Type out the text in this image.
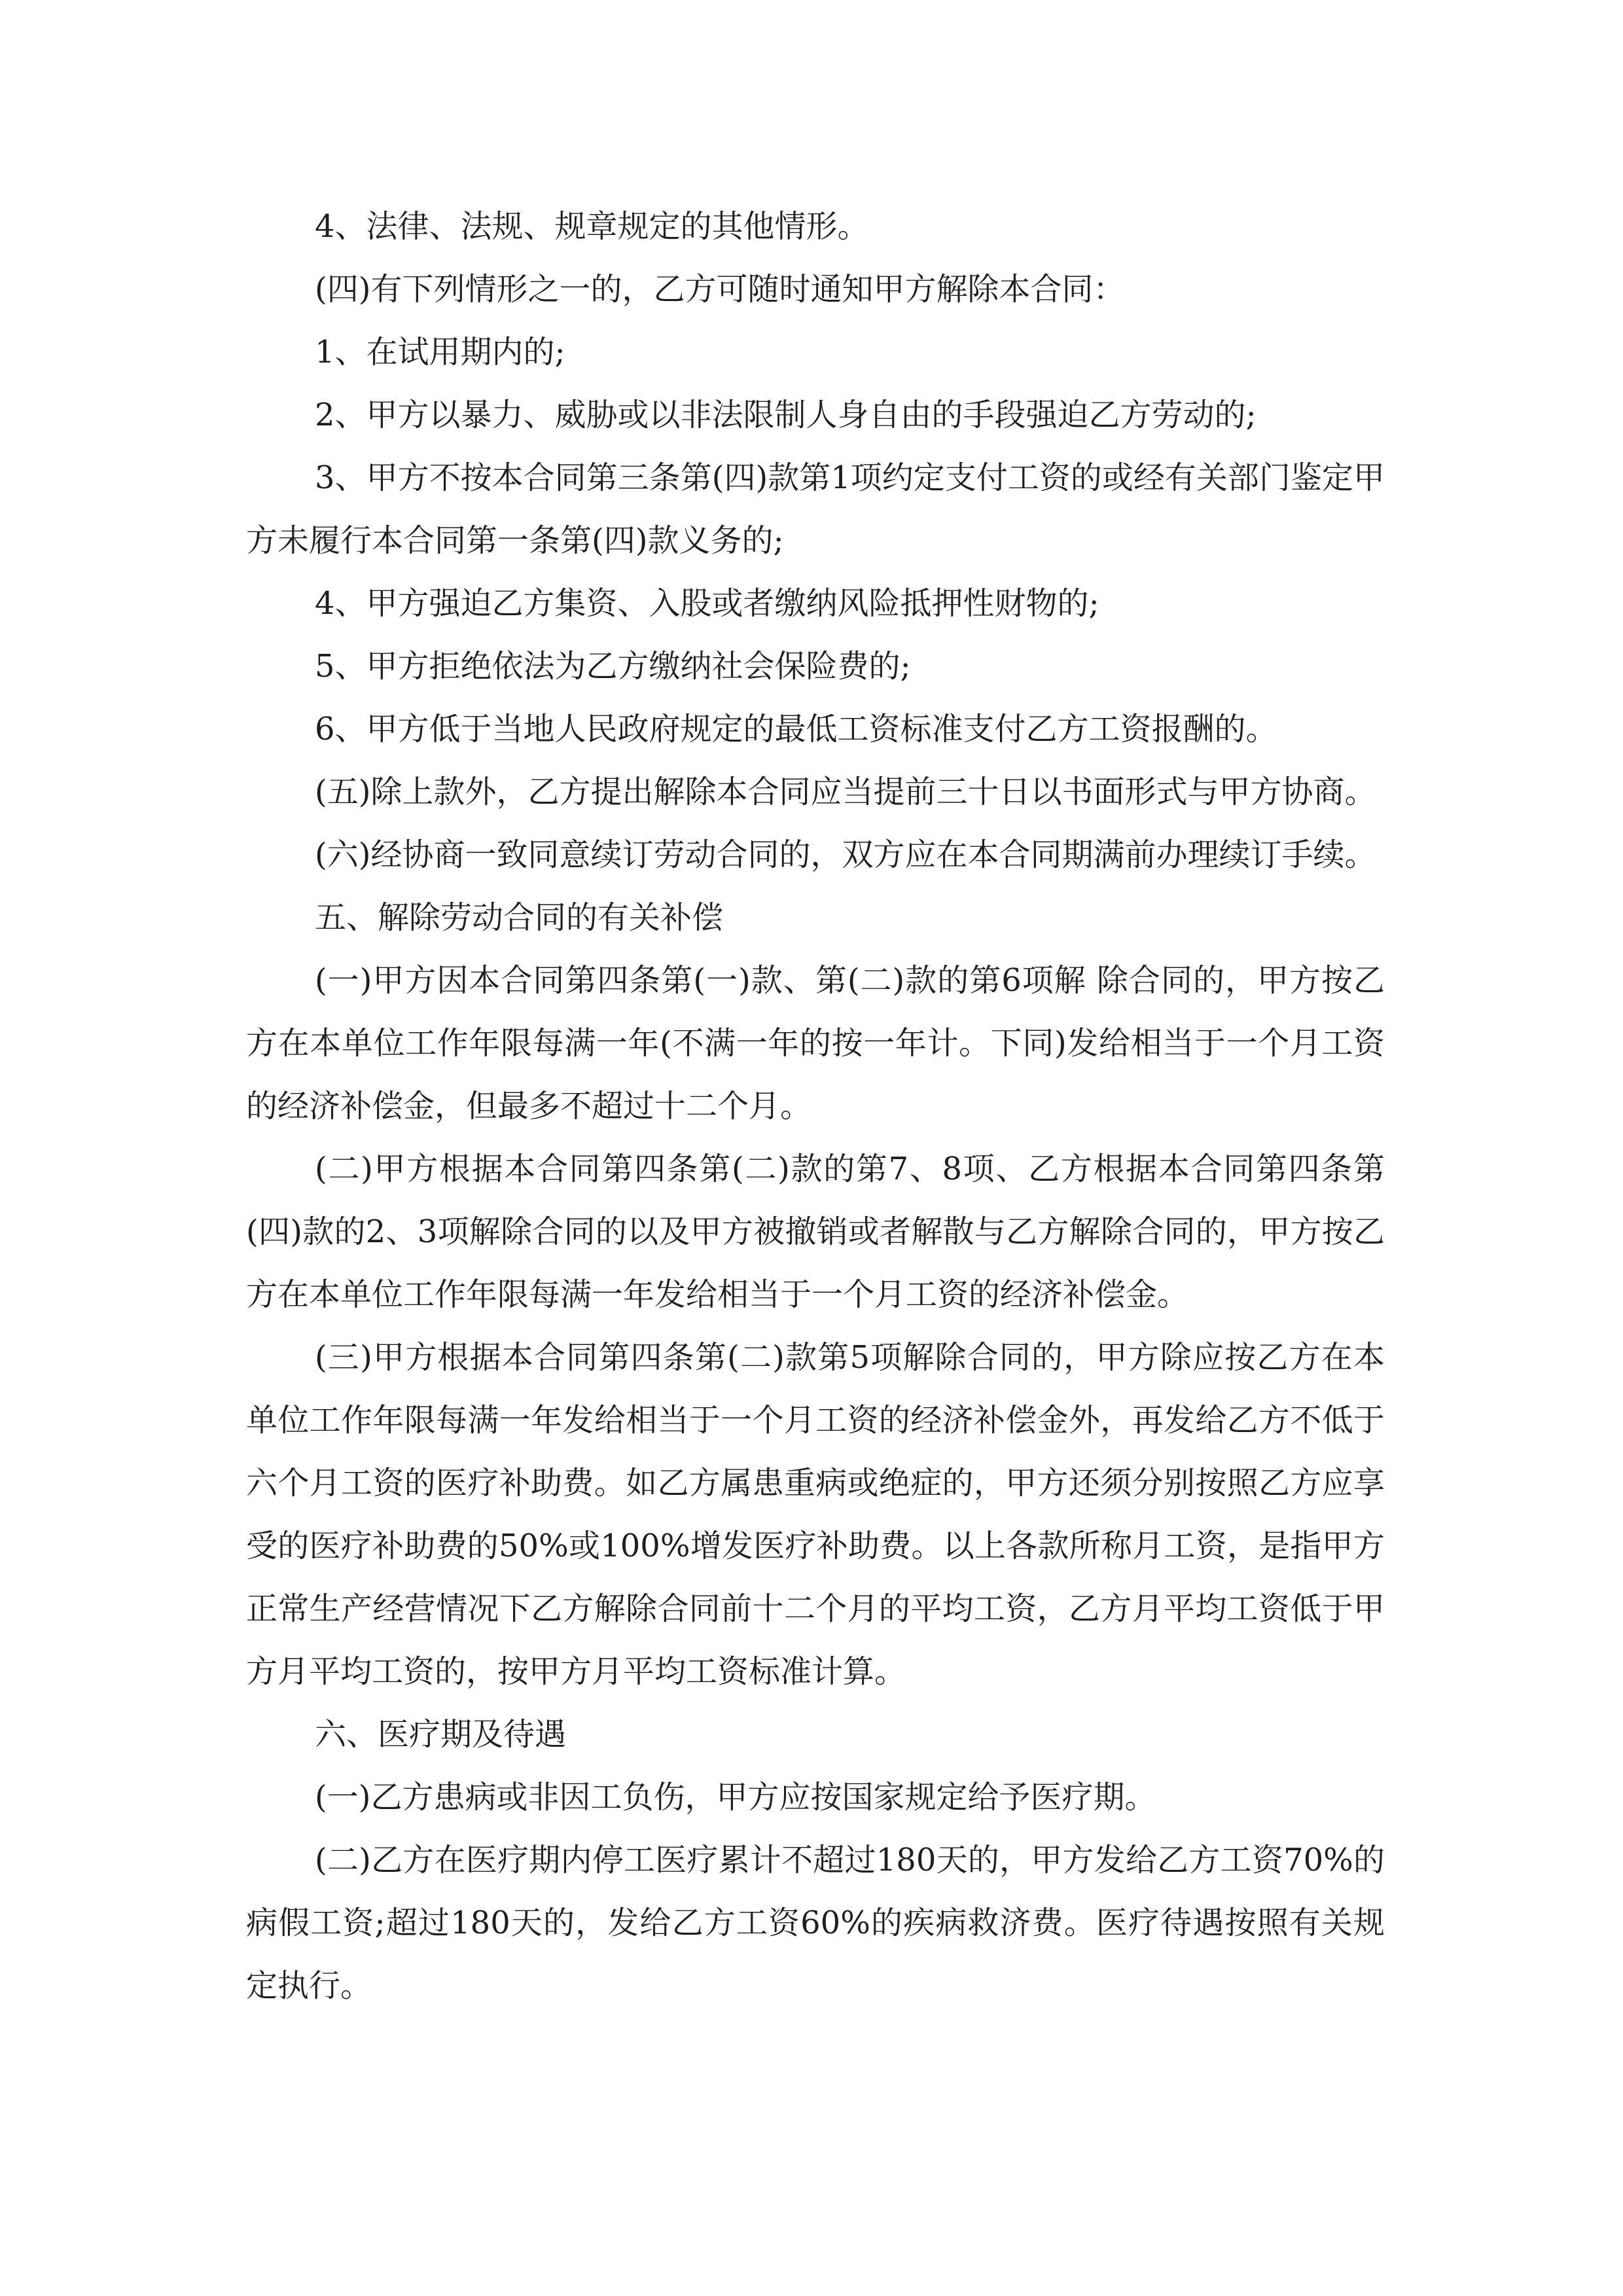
4、法律、法规、规章规定的其他情形。

(四)有下列情形之一的，乙方可随时通知甲方解除本合同：

1、在试用期内的;

2、甲方以暴力、威胁或以非法限制人身自由的手段强迫乙方劳动的;

3、甲方不按本合同第三条第(四)款第1项约定支付工资的或经有关部门鉴定甲方未履行本合同第一条第(四)款义务的;

4、甲方强迫乙方集资、入股或者缴纳风险抵押性财物的;

5、甲方拒绝依法为乙方缴纳社会保险费的;

6、甲方低于当地人民政府规定的最低工资标准支付乙方工资报酬的。

(五)除上款外，乙方提出解除本合同应当提前三十日以书面形式与甲方协商。

(六)经协商一致同意续订劳动合同的，双方应在本合同期满前办理续订手续。

五、解除劳动合同的有关补偿

(一)甲方因本合同第四条第(一)款、第(二)款的第6项解 除合同的，甲方按乙方在本单位工作年限每满一年(不满一年的按一年计。下同)发给相当于一个月工资的经济补偿金，但最多不超过十二个月。

(二)甲方根据本合同第四条第(二)款的第7、8项、乙方根据本合同第四条第(四)款的2、3项解除合同的以及甲方被撤销或者解散与乙方解除合同的，甲方按乙方在本单位工作年限每满一年发给相当于一个月工资的经济补偿金。

(三)甲方根据本合同第四条第(二)款第5项解除合同的，甲方除应按乙方在本单位工作年限每满一年发给相当于一个月工资的经济补偿金外，再发给乙方不低于六个月工资的医疗补助费。如乙方属患重病或绝症的，甲方还须分别按照乙方应享受的医疗补助费的50%或100%增发医疗补助费。以上各款所称月工资，是指甲方正常生产经营情况下乙方解除合同前十二个月的平均工资，乙方月平均工资低于甲方月平均工资的，按甲方月平均工资标准计算。

六、医疗期及待遇

(一)乙方患病或非因工负伤，甲方应按国家规定给予医疗期。

(二)乙方在医疗期内停工医疗累计不超过180天的，甲方发给乙方工资70%的病假工资;超过180天的，发给乙方工资60%的疾病救济费。医疗待遇按照有关规定执行。
